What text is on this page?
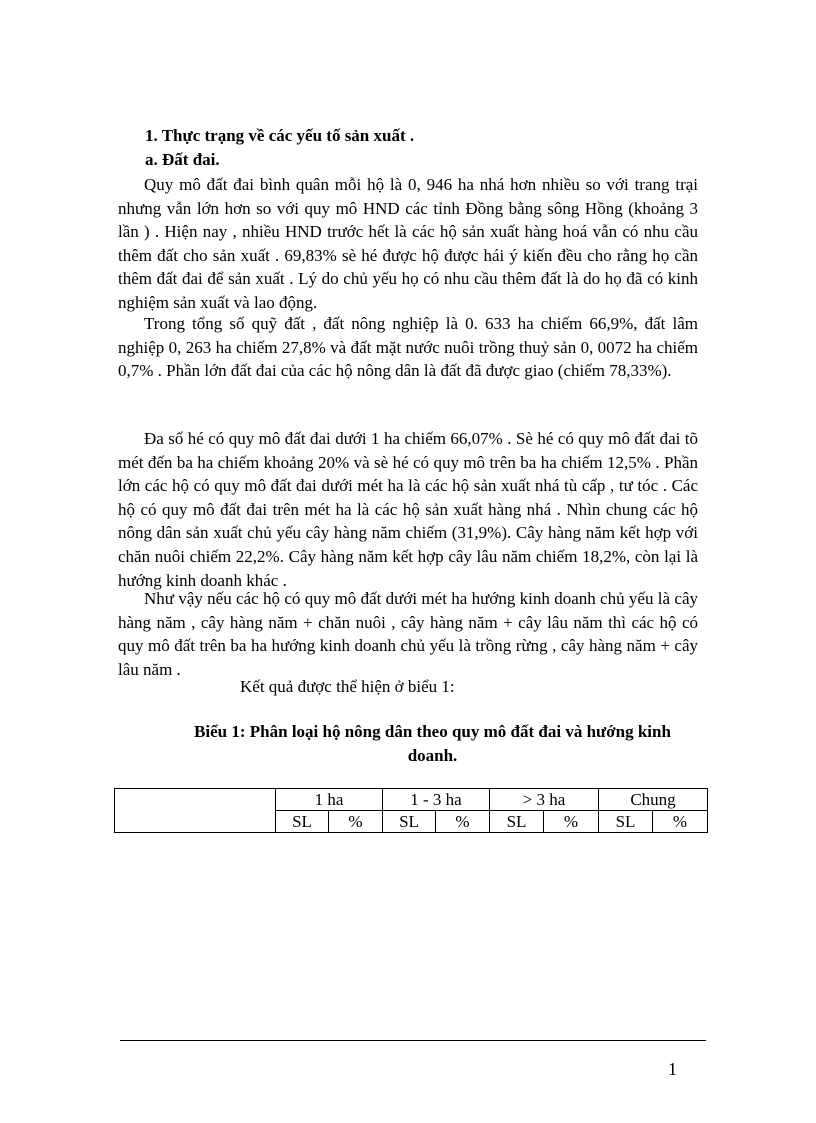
1. Thực trạng về các yếu tố sản xuất .
a. Đất đai.
Quy mô đất đai bình quân mỗi hộ là 0, 946 ha nhá hơn nhiều so với trang trại nhưng vẫn lớn hơn so với quy mô HND các tỉnh Đồng bằng sông Hồng (khoảng 3 lần ) . Hiện nay , nhiều HND trước hết là các hộ sản xuất hàng hoá vẫn có nhu cầu thêm đất cho sản xuất . 69,83% sè hé được hộ được hái ý kiến đều cho rằng họ cần thêm đất đai để sản xuất . Lý do chủ yếu họ có nhu cầu thêm đất là do họ đã có kinh nghiệm sản xuất và lao động.
Trong tổng số quỹ đất , đất nông nghiệp là 0. 633 ha chiếm 66,9%, đất lâm nghiệp 0, 263 ha chiếm 27,8% và đất mặt nước nuôi trồng thuỷ sản 0, 0072 ha chiếm 0,7% . Phần lớn đất đai của các hộ nông dân là đất đã được giao (chiếm 78,33%).
Đa số hé có quy mô đất đai dưới 1 ha chiếm 66,07% . Sè hé có quy mô đất đai tõ mét đến ba ha chiếm khoảng 20% và sè hé có quy mô trên ba ha chiếm 12,5% . Phần lớn các hộ có quy mô đất đai dưới mét ha là các hộ sản xuất nhá tù cấp , tư tóc . Các hộ có quy mô đất đai trên mét ha là các hộ sản xuất hàng nhá . Nhìn chung các hộ nông dân sản xuất chủ yếu cây hàng năm chiếm (31,9%). Cây hàng năm kết hợp với chăn nuôi chiếm 22,2%. Cây hàng năm kết hợp cây lâu năm chiếm 18,2%, còn lại là hướng kinh doanh khác .
Như vậy nếu các hộ có quy mô đất dưới mét ha hướng kinh doanh chủ yếu là cây hàng năm , cây hàng năm + chăn nuôi , cây hàng năm + cây lâu năm thì các hộ có quy mô đất trên ba ha hướng kinh doanh chủ yếu là trồng rừng , cây hàng năm + cây lâu năm .
Kết quả được thể hiện ở biểu 1:
Biểu 1: Phân loại hộ nông dân theo quy mô đất đai và hướng kinh doanh.
	1 ha		1 - 3 ha		> 3 ha		Chung	
	SL	%	SL	%	SL	%	SL	%
1
